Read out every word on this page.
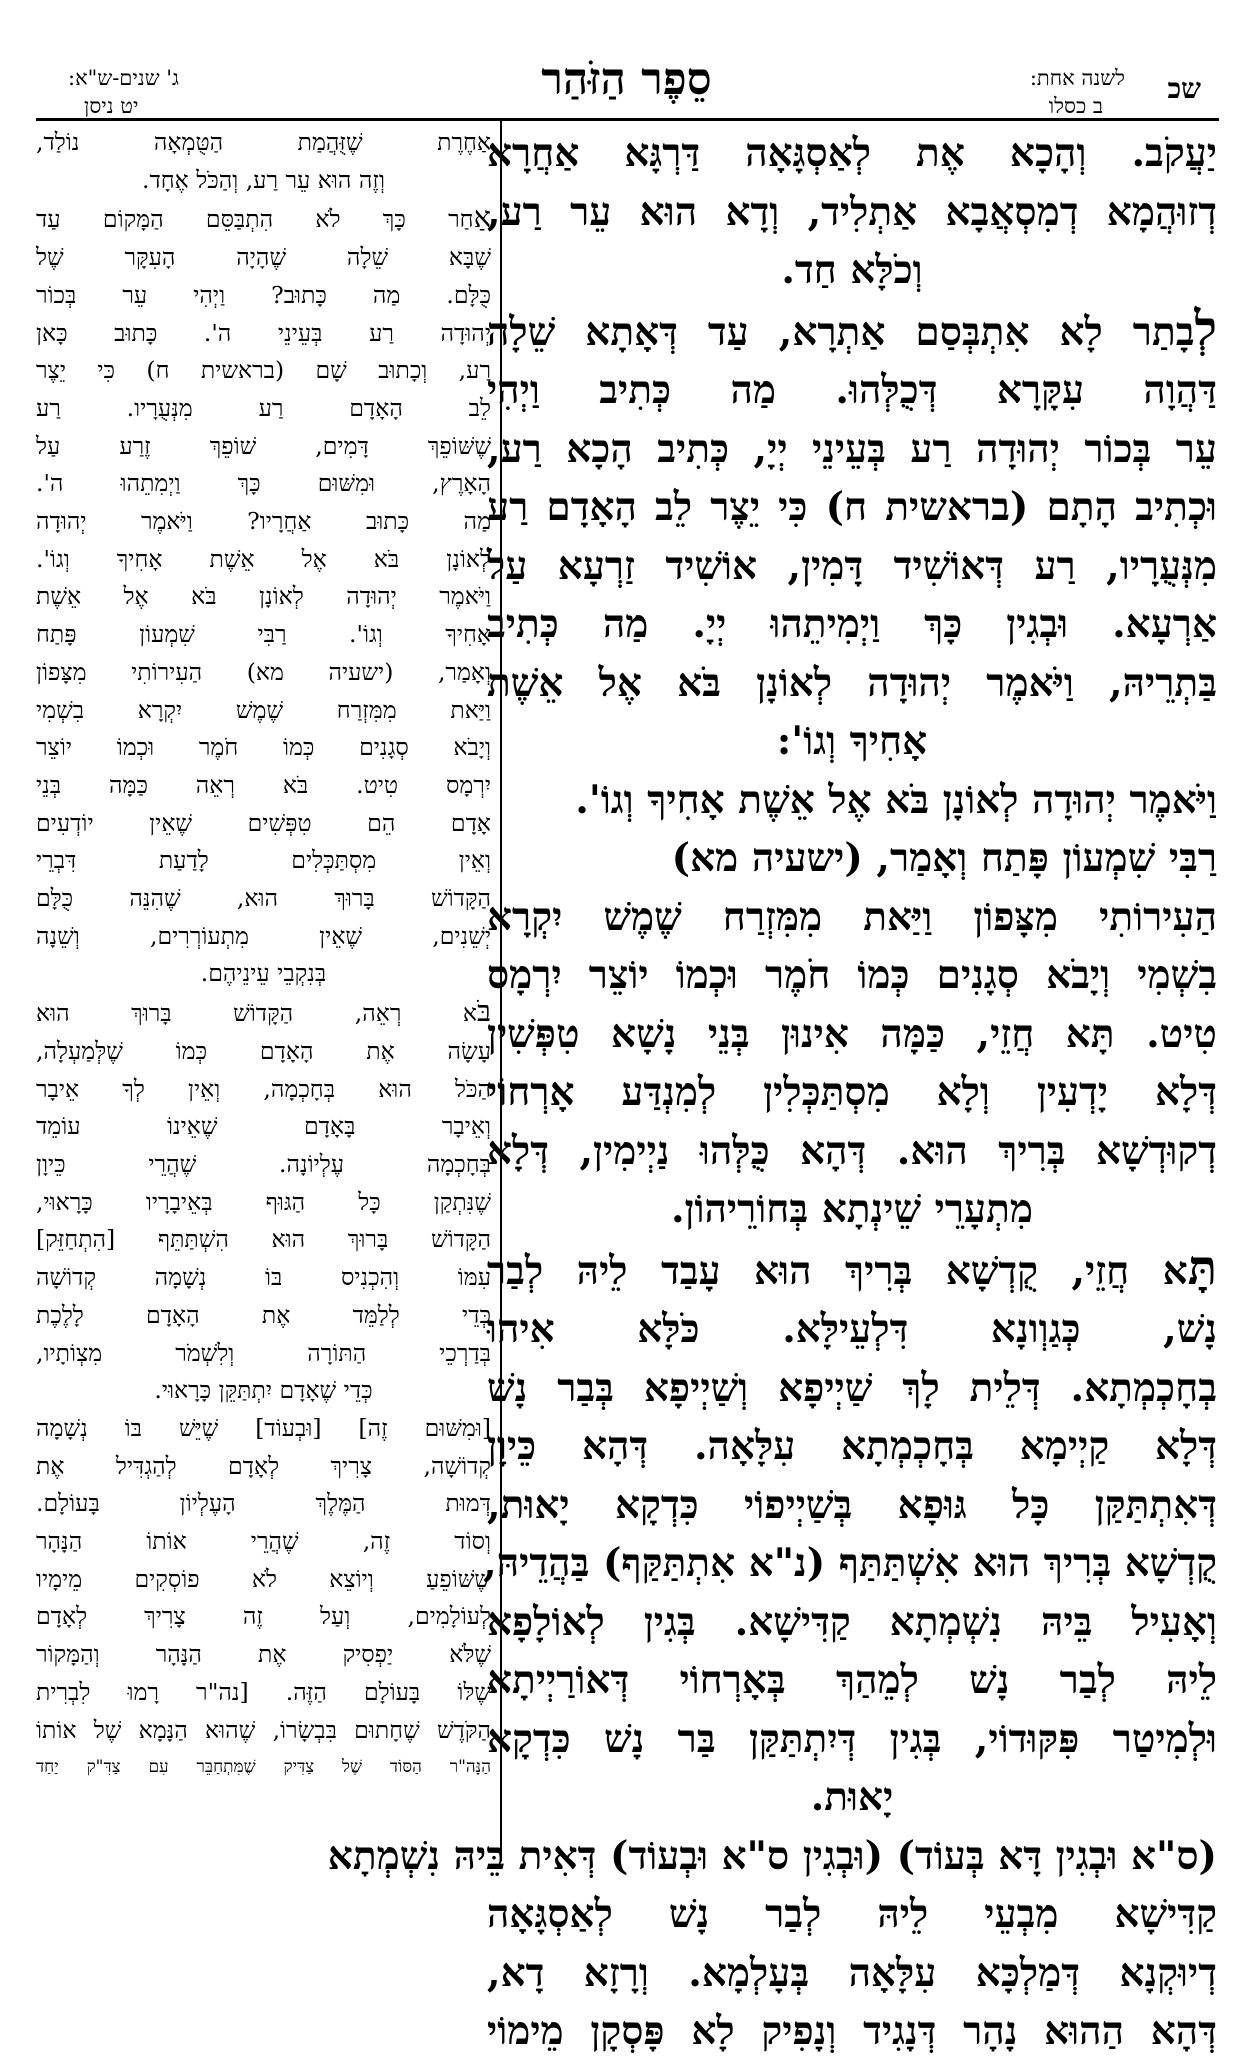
שכ
לשנה אחת:
ב כסלו
סֵפֶר הַזֹּהַר
ג' שנים-ש"א:
יט ניסן
יַעֲקֹב. וְהָכָא אֶת לְאַסְגָּאָה דַּרְגָּא אַחֲרָא
דְזוּהֲמָא דְמִסְאֲבָא אַתְלִיד, וְדָא הוּא עֵר רַע,
וְכֹלָּא חַד.
לְבָתַר לָא אִתְבְּסַם אַתְרָא, עַד דְּאָתָא שֵׁלָה
דַּהֲוָה עִקָּרָא דְּכֻלְּהוּ. מַה כְּתִיב וַיְהִי
עֵר בְּכוֹר יְהוּדָה רַע בְּעֵינֵי יְיָ, כְּתִיב הָכָא רַע,
וּכְתִיב הָתָם (בראשית ח) כִּי יֵצֶר לֵב הָאָדָם רַע
מִנְּעֻרָיו, רַע דְּאוֹשִׁיד דָּמִין, אוֹשִׁיד זַרְעָא עַל
אַרְעָא. וּבְגִין כָּךְ וַיְמִיתֵהוּ יְיָ. מַה כְּתִיב
בַּתְרֵיהּ, וַיֹּאמֶר יְהוּדָה לְאוֹנָן בֹּא אֶל אֵשֶׁת
אָחִיךָ וְגוֹ':
וַיֹּאמֶר יְהוּדָה לְאוֹנָן בֹּא אֶל אֵשֶׁת אָחִיךָ וְגוֹ'.
רַבִּי שִׁמְעוֹן פָּתַח וְאָמַר, (ישעיה מא)
הַעִירוֹתִי מִצָּפוֹן וַיַּאת מִמִּזְרַח שֶׁמֶשׁ יִקְרָא
בִשְׁמִי וְיָבֹא סְגָנִים כְּמוֹ חֹמֶר וּכְמוֹ יוֹצֵר יִרְמָס
טִיט. תָּא חֲזֵי, כַּמָּה אִינוּן בְּנֵי נָשָׁא טִפְּשִׁין
דְּלָא יָדְעִין וְלָא מִסְתַּכְּלִין לְמִנְדַּע אָרְחוֹי
דְקוּדְשָׁא בְּרִיךְ הוּא. דְּהָא כֻּלְּהוּ נַיְימִין, דְּלָא
מִתְעָרֵי שֵׁינְתָא בְּחוֹרֵיהוֹן.
תָּא חֲזֵי, קֻדְשָׁא בְּרִיךְ הוּא עָבַד לֵיהּ לְבַר
נָשׁ, כְּגַוְונָא דִּלְעֵילָּא. כֹּלָּא אִיהוּ
בְחָכְמְתָא. דְּלֵית לָךְ שַׁיְיפָא וְשַׁיְיפָא בְּבַר נָשׁ
דְּלָא קַיְימָא בְּחָכְמְתָא עִלָּאָה. דְּהָא כֵּיוָן
דְּאִתְתַּקַּן כָּל גּוּפָא בְּשַׁיְיפוֹי כִּדְקָא יָאוּת,
קֻדְשָׁא בְּרִיךְ הוּא אִשְׁתַּתַּף (נ"א אִתְתַּקַּף) בַּהֲדֵיהּ,
וְאָעִיל בֵּיהּ נִשְׁמְתָא קַדִּישָׁא. בְּגִין לְאוֹלָפָא
לֵיהּ לְבַר נָשׁ לְמֵהַךְ בְּאָרְחוֹי דְּאוֹרַיְיתָא
וּלְמִיטַר פִּקּוּדוֹי, בְּגִין דְּיִתְתַּקַּן בַּר נָשׁ כִּדְקָא
יָאוּת.
(ס"א וּבְגִין דָּא בְּעוֹד) (וּבְגִין ס"א וּבְעוֹד) דְּאִית בֵּיהּ נִשְׁמְתָא
קַדִּישָׁא מִבְעֵי לֵיהּ לְבַר נָשׁ לְאַסְגָּאָה
דְיוּקְנָא דְּמַלְכָּא עִלָּאָה בְּעָלְמָא. וְרָזָא דָא,
דְּהָא הַהוּא נָהָר דְּנָגִיד וְנָפִיק לָא פָּסְקָן מֵימוֹי
אַחֶרֶת שֶׁזֻּהֲמַת הַטֻּמְאָה נוֹלַד,
וְזֶה הוּא עֵר רַע, וְהַכֹּל אֶחָד.
אַחַר כָּךְ לֹא הִתְבַּסֵּם הַמָּקוֹם עַד
שֶׁבָּא שֵׁלָה שֶׁהָיָה הָעִקָּר שֶׁל
כֻּלָּם. מַה כָּתוּב? וַיְהִי עֵר בְּכוֹר
יְהוּדָה רַע בְּעֵינֵי ה'. כָּתוּב כָּאן
רַע, וְכָתוּב שָׁם (בראשית ח) כִּי יֵצֶר
לֵב הָאָדָם רַע מִנְּעֻרָיו. רַע
שֶׁשּׁוֹפֵךְ דָּמִים, שׁוֹפֵךְ זֶרַע עַל
הָאָרֶץ, וּמִשּׁוּם כָּךְ וַיְמִתֵהוּ ה'.
מַה כָּתוּב אַחֲרָיו? וַיֹּאמֶר יְהוּדָה
לְאוֹנָן בֹּא אֶל אֵשֶׁת אָחִיךָ וְגוֹ'.
וַיֹּאמֶר יְהוּדָה לְאוֹנָן בֹּא אֶל אֵשֶׁת
אָחִיךָ וְגוֹ'. רַבִּי שִׁמְעוֹן פָּתַח
וְאָמַר, (ישעיה מא) הַעִירוֹתִי מִצָּפוֹן
וַיַּאת מִמִּזְרַח שֶׁמֶשׁ יִקְרָא בִשְׁמִי
וְיָבֹא סְגָנִים כְּמוֹ חֹמֶר וּכְמוֹ יוֹצֵר
יִרְמָס טִיט. בֹּא רְאֵה כַּמָּה בְּנֵי
אָדָם הֵם טִפְּשִׁים שֶׁאֵין יוֹדְעִים
וְאֵין מִסְתַּכְּלִים לָדַעַת דִּבְרֵי
הַקָּדוֹשׁ בָּרוּךְ הוּא, שֶׁהִנֵּה כֻּלָּם
יְשֵׁנִים, שֶׁאֵין מִתְעוֹרְרִים, וְשֵׁנָה
בְּנִקְבֵי עֵינֵיהֶם.
בֹּא רְאֵה, הַקָּדוֹשׁ בָּרוּךְ הוּא
עָשָׂה אֶת הָאָדָם כְּמוֹ שֶׁלְּמַעְלָה,
הַכֹּל הוּא בְּחָכְמָה, וְאֵין לְךָ אֵיבָר
וְאֵיבָר בָּאָדָם שֶׁאֵינוֹ עוֹמֵד
בְּחָכְמָה עֶלְיוֹנָה. שֶׁהֲרֵי כֵּיוָן
שֶׁנִּתְקַן כָּל הַגּוּף בְּאֵיבָרָיו כָּרָאוּי,
הַקָּדוֹשׁ בָּרוּךְ הוּא הִשְׁתַּתֵּף [הִתְחַזֵּק]
עִמּוֹ וְהִכְנִיס בּוֹ נְשָׁמָה קְדוֹשָׁה
כְּדֵי לְלַמֵּד אֶת הָאָדָם לָלֶכֶת
בְּדַרְכֵי הַתּוֹרָה וְלִשְׁמֹר מִצְוֹתָיו,
כְּדֵי שֶׁאָדָם יִתְתַּקֵּן כָּרָאוּי.
[וּמִשּׁוּם זֶה] [וּבְעוֹד] שֶׁיֵּשׁ בּוֹ נְשָׁמָה
קְדוֹשָׁה, צָרִיךְ לְאָדָם לְהַגְדִּיל אֶת
דְּמוּת הַמֶּלֶךְ הָעֶלְיוֹן בָּעוֹלָם.
וְסוֹד זֶה, שֶׁהֲרֵי אוֹתוֹ הַנָּהָר
שֶׁשּׁוֹפֵעַ וְיוֹצֵא לֹא פוֹסְקִים מֵימָיו
לְעוֹלָמִים, וְעַל זֶה צָרִיךְ לְאָדָם
שֶׁלֹּא יַפְסִיק אֶת הַנָּהָר וְהַמָּקוֹר
שֶׁלּוֹ בָּעוֹלָם הַזֶּה. [נה"ר רָמוּ לִבְרִית
הַקֹּדֶשׁ שֶׁחָתוּם בִּבְשָׂרוֹ, שֶׁהוּא הַנָּמָא שֶׁל אוֹתוֹ
הַנָּה"ר הַסּוֹד שֶׁל צַדִּיק שֶׁמִּתְחַבֵּר עִם צַדִּ"ק יַחַד
